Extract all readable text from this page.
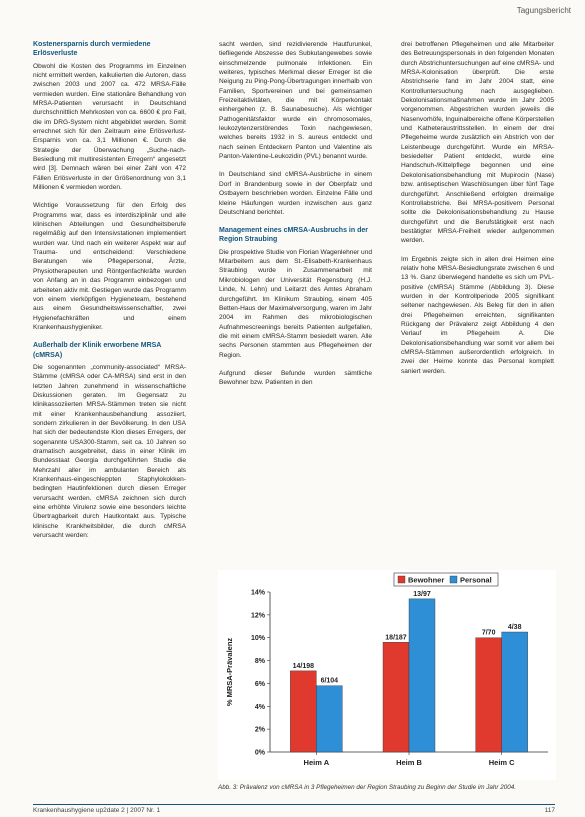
Tagungsbericht
Kostenersparnis durch vermiedene Erlösverluste

Obwohl die Kosten des Programms im Einzelnen nicht ermittelt werden, kalkulierten die Autoren, dass zwischen 2003 und 2007 ca. 472 MRSA-Fälle vermieden wurden. Eine stationäre Behandlung von MRSA-Patienten verursacht in Deutschland durchschnittlich Mehrkosten von ca. 6600 € pro Fall, die im DRG-System nicht abgebildet werden. Somit errechnet sich für den Zeitraum eine Erlösverlust-Ersparnis von ca. 3,1 Millionen €. Durch die Strategie der Überwachung „Suche-nach-Besiedlung mit multiresistenten Erregern“ angesetzt wird [3]. Demnach wären bei einer Zahl von 472 Fällen Erlösverluste in der Größenordnung von 3,1 Millionen € vermieden worden.

Wichtige Voraussetzung für den Erfolg des Programms war, dass es interdisziplinär und alle klinischen Abteilungen und Gesundheitsberufe regelmäßig auf den Intensivstationen implementiert wurden war. Und nach ein weiterer Aspekt war auf Trauma- und entscheidend: Verschiedene Beratungen wie Pflegepersonal, Ärzte, Physiotherapeuten und Röntgenfachkräfte wurden von Anfang an in das Programm einbezogen und arbeiteten aktiv mit. Gestiegen wurde das Programm von einem vierköpfigen Hygieneteam, bestehend aus einem Gesundheitswissenschaftler, zwei Hygienefachkräften und einem Krankenhaushygieniker.

Außerhalb der Klinik erworbene MRSA (cMRSA)

Die sogenannten „community-associated“ MRSA-Stämme (cMRSA oder CA-MRSA) sind erst in den letzten Jahren zunehmend in wissenschaftliche Diskussionen geraten. Im Gegensatz zu klinikassoziierten MRSA-Stämmen treten sie nicht mit einer Krankenhausbehandlung assoziiert, sondern zirkulieren in der Bevölkerung. In den USA hat sich der bedeutendste Klon dieses Erregers, der sogenannte USA300-Stamm, seit ca. 10 Jahren so dramatisch ausgebreitet, dass in einer Klinik im Bundesstaat Georgia durchgeführten Studie die Mehrzahl aller im ambulanten Bereich als Krankenhaus-eingeschleppten Staphylokokken-bedingten Hautinfektionen durch diesen Erreger verursacht werden. cMRSA zeichnen sich durch eine erhöhte Virulenz sowie eine besonders leichte Übertragbarkeit durch Hautkontakt aus. Typische klinische Krankheitsbilder, die durch cMRSA verursacht werden:

sacht werden, sind rezidivierende Hautfurunkel, tiefliegende Abszesse des Subkutangewebes sowie einschmelzende pulmonale Infektionen. Ein weiteres, typisches Merkmal dieser Erreger ist die Neigung zu Ping-Pong-Übertragungen innerhalb von Familien, Sportvereinen und bei gemeinsamen Freizeitaktivitäten, die mit Körperkontakt einhergehen (z. B. Saunabesuche). Als wichtiger Pathogenitätsfaktor wurde ein chromosomales, leukozytenzerstörendes Toxin nachgewiesen, welches bereits 1932 in S. aureus entdeckt und nach seinen Entdeckern Panton und Valentine als Panton-Valentine-Leukozidin (PVL) benannt wurde.

In Deutschland sind cMRSA-Ausbrüche in einem Dorf in Brandenburg sowie in der Oberpfalz und Ostbayern beschrieben worden. Einzelne Fälle und kleine Häufungen wurden inzwischen aus ganz Deutschland berichtet.

Management eines cMRSA-Ausbruchs in der Region Straubing

Die prospektive Studie von Florian Wagenlehner und Mitarbeitern aus dem St.-Elisabeth-Krankenhaus Straubing wurde in Zusammenarbeit mit Mikrobiologen der Universität Regensburg (H.J. Linde, N. Lehn) und Leitarzt des Amtes Abraham durchgeführt. Im Klinikum Straubing, einem 405 Betten-Haus der Maximalversorgung, waren im Jahr 2004 im Rahmen des mikrobiologischen Aufnahmescreenings bereits Patienten aufgefallen, die mit einem cMRSA-Stamm besiedelt waren. Alle sechs Personen stammten aus Pflegeheimen der Region.

Aufgrund dieser Befunde wurden sämtliche Bewohner bzw. Patienten in den

drei betroffenen Pflegeheimen und alle Mitarbeiter des Betreuungspersonals in den folgenden Monaten durch Abstrichuntersuchungen auf eine cMRSA- und MRSA-Kolonisation überprüft. Die erste Abstrichserie fand im Jahr 2004 statt, eine Kontrolluntersuchung nach ausgeglieben. Dekolonisationsmaßnahmen wurde im Jahr 2005 vorgenommen. Abgestrichen wurden jeweils die Nasenvorhöfe, Inguinalbereiche offene Körperstellen und Katheteraustrittsstellen. In einem der drei Pflegeheime wurde zusätzlich ein Abstrich von der Leistenbeuge durchgeführt. Wurde ein MRSA-besiedelter Patient entdeckt, wurde eine Handschuh-/Kittelpflege begonnen und eine Dekolonisationsbehandlung mit Mupirocin (Nase) bzw. antiseptischen Waschlösungen über fünf Tage durchgeführt. Anschließend erfolgten dreimalige Kontrollabstriche. Bei MRSA-positivem Personal sollte die Dekolonisationsbehandlung zu Hause durchgeführt und die Berufstätigkeit erst nach bestätigter MRSA-Freiheit wieder aufgenommen werden.

Im Ergebnis zeigte sich in allen drei Heimen eine relativ hohe MRSA-Besiedlungsrate zwischen 6 und 13 %. Ganz überwiegend handelte es sich um PVL-positive (cMRSA) Stämme (Abbildung 3). Diese wurden in der Kontrollperiode 2005 signifikant seltener nachgewiesen. Als Beleg für den in allen drei Pflegeheimen erreichten, signifikanten Rückgang der Prävalenz zeigt Abbildung 4 den Verlauf im Pflegeheim A. Die Dekolonisationsbehandlung war somit vor allem bei cMRSA-Stämmen außerordentlich erfolgreich. In zwei der Heime konnte das Personal komplett saniert werden.

% MRSA-Prävalenz
0%
2%
4%
6%
8%
10%
12%
14%
14/198
6/104
Heim A
18/187
13/97
Heim B
7/70
4/38
Heim C
Bewohner Personal
Abb. 3: Prävalenz von cMRSA in 3 Pflegeheimen der Region Straubing zu Beginn der Studie im Jahr 2004.
Krankenhaushygiene up2date 2 | 2007 Nr. 1	117
